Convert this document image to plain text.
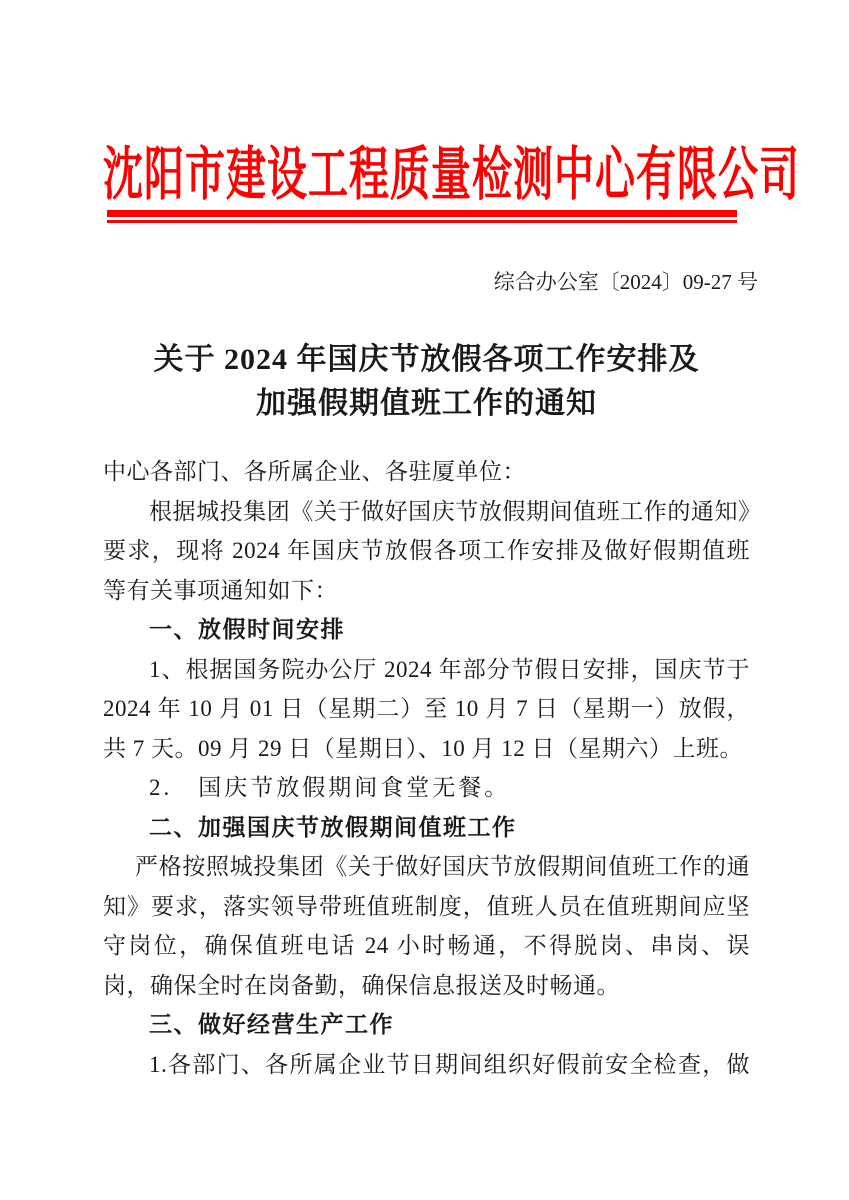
沈阳市建设工程质量检测中心有限公司
综合办公室〔2024〕09-27 号
关于 2024 年国庆节放假各项工作安排及
加强假期值班工作的通知

中心各部门、各所属企业、各驻厦单位：

根据城投集团《关于做好国庆节放假期间值班工作的通知》要求，现将 2024 年国庆节放假各项工作安排及做好假期值班等有关事项通知如下：

一、放假时间安排

1、根据国务院办公厅 2024 年部分节假日安排，国庆节于 2024 年 10 月 01 日（星期二）至 10 月 7 日（星期一）放假，共 7 天。09 月 29 日（星期日）、10 月 12 日（星期六）上班。

2.　国庆节放假期间食堂无餐。

二、加强国庆节放假期间值班工作

严格按照城投集团《关于做好国庆节放假期间值班工作的通知》要求，落实领导带班值班制度，值班人员在值班期间应坚守岗位，确保值班电话 24 小时畅通，不得脱岗、串岗、误岗，确保全时在岗备勤，确保信息报送及时畅通。

三、做好经营生产工作

1.各部门、各所属企业节日期间组织好假前安全检查，做
